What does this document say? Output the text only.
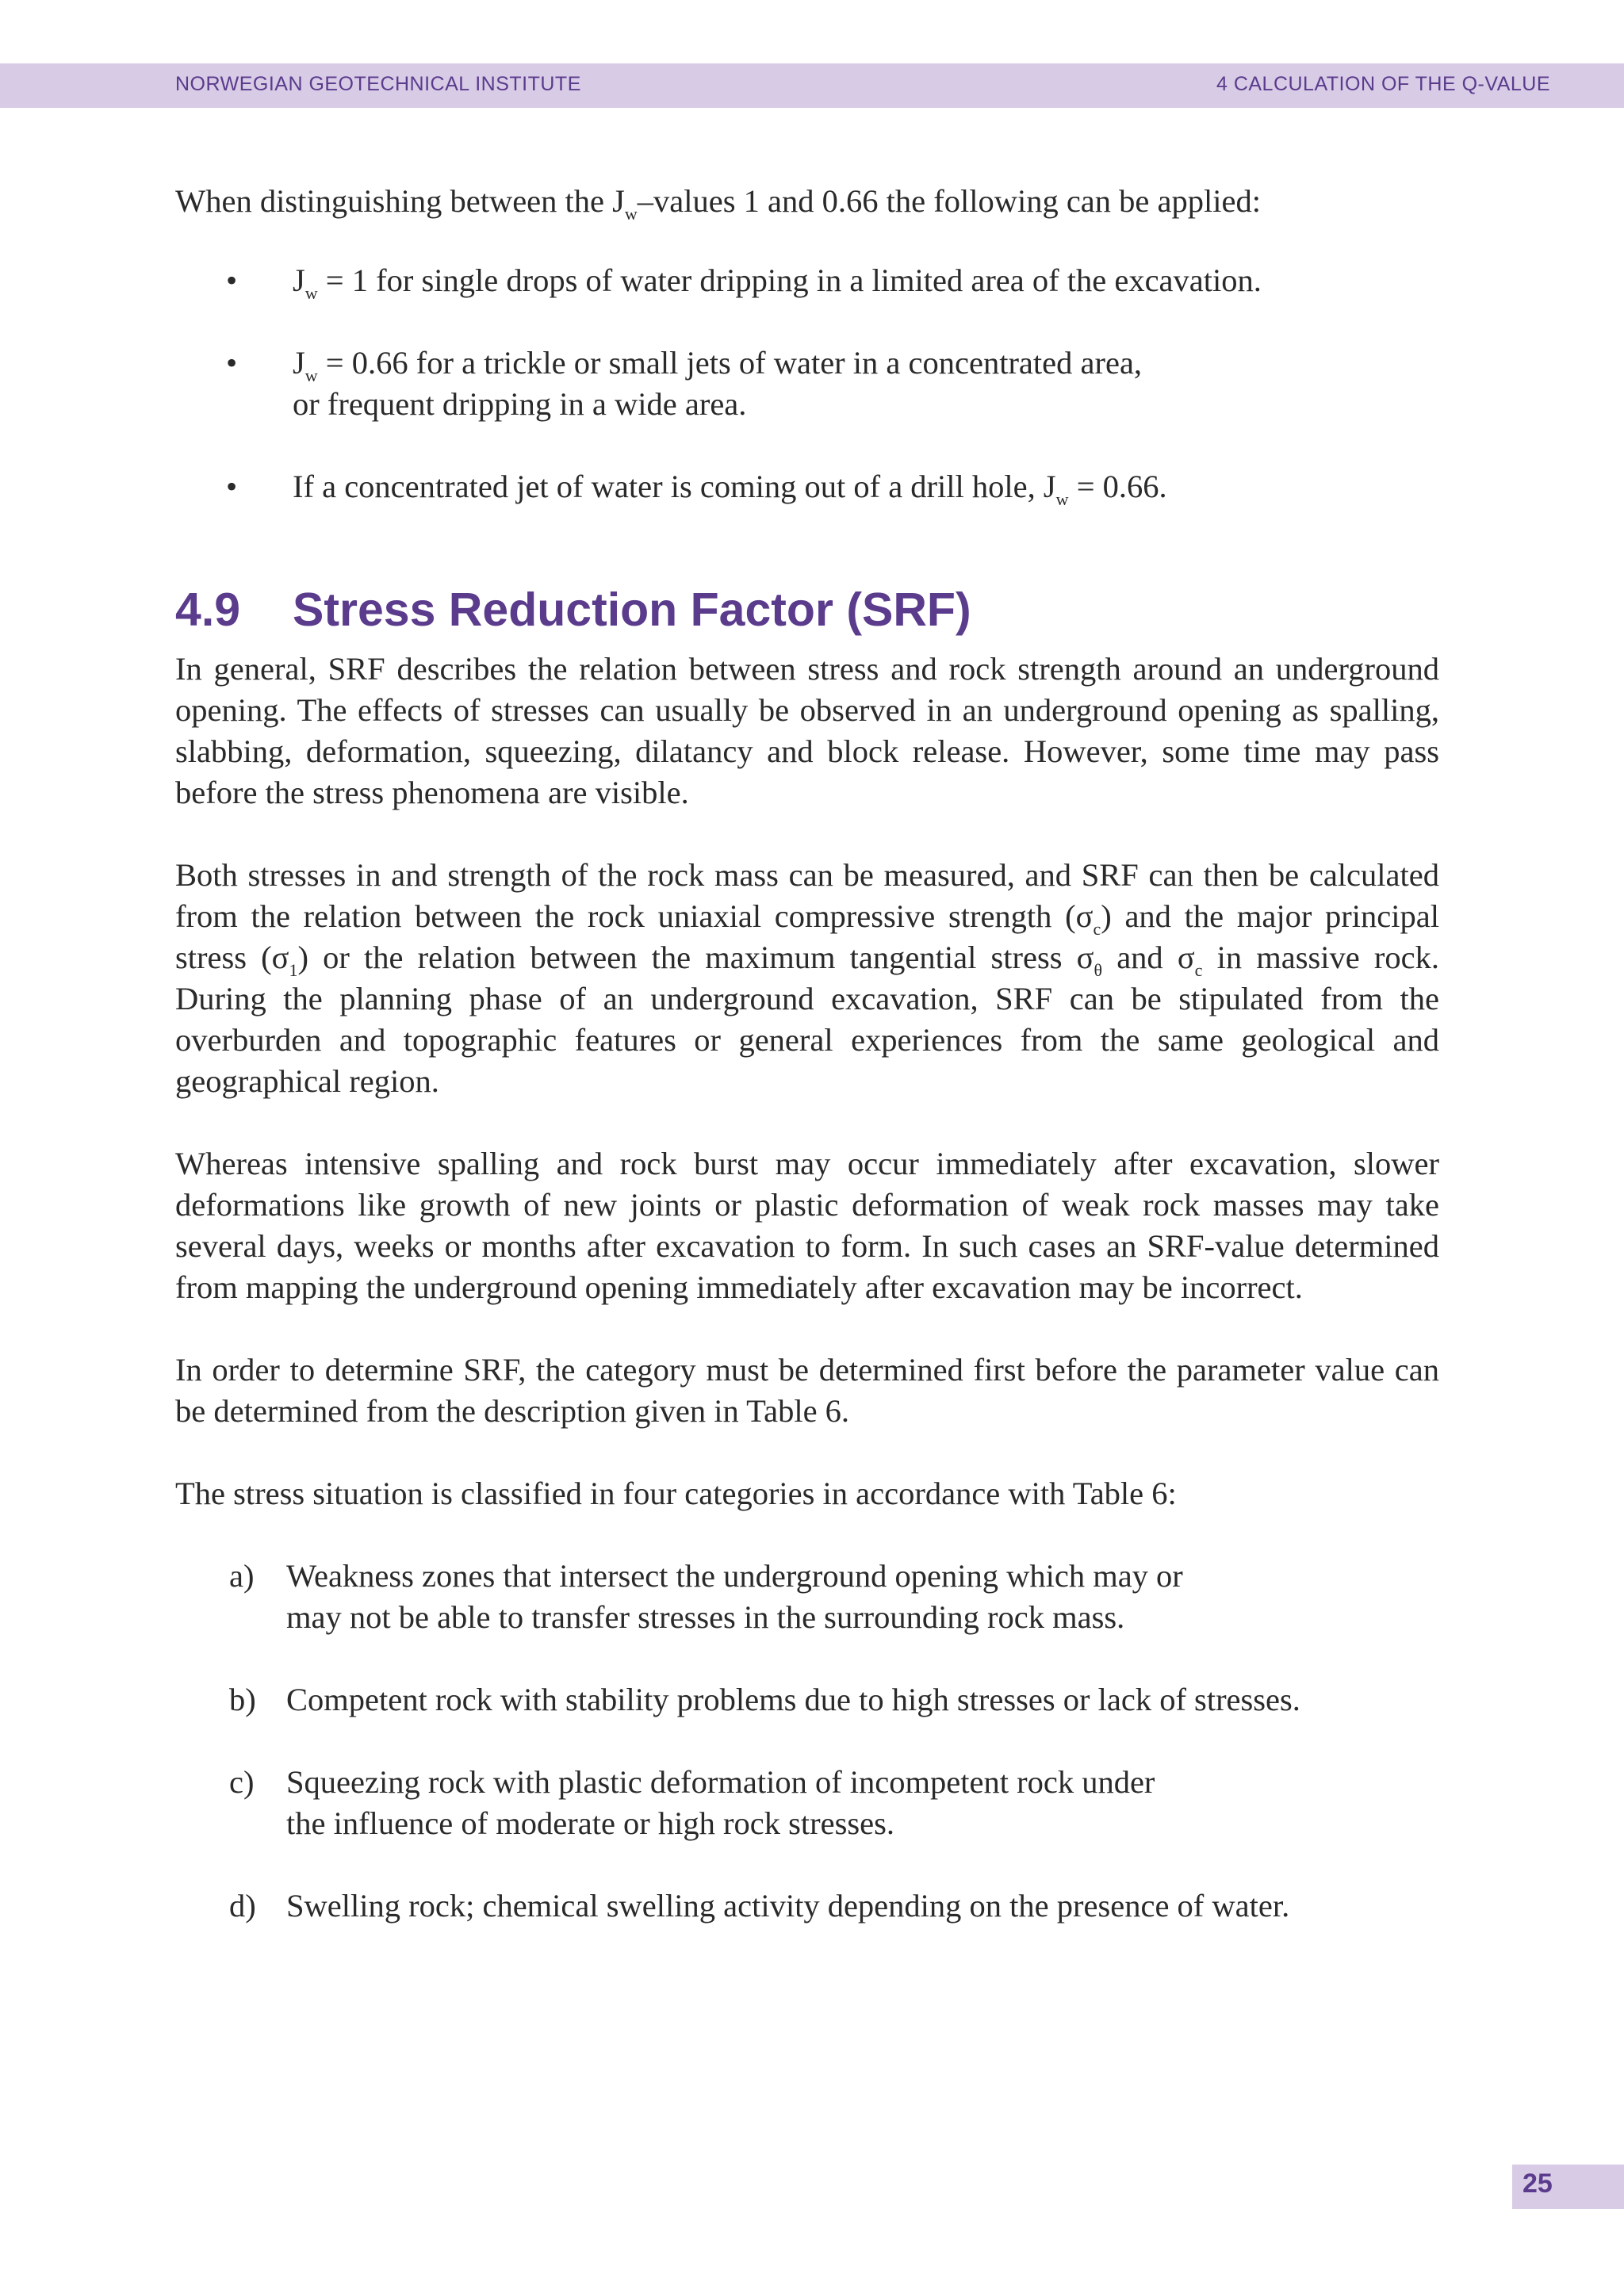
NORWEGIAN GEOTECHNICAL INSTITUTE	4 CALCULATION OF THE Q-VALUE

When distinguishing between the $J_w$–values 1 and 0.66 the following can be applied:

• $J_w = 1$ for single drops of water dripping in a limited area of the excavation.
• $J_w = 0.66$ for a trickle or small jets of water in a concentrated area,
or frequent dripping in a wide area.
• If a concentrated jet of water is coming out of a drill hole, $J_w = 0.66$.
4.9 Stress Reduction Factor (SRF)

In general, SRF describes the relation between stress and rock strength around an underground opening. The effects of stresses can usually be observed in an underground opening as spalling, slabbing, deformation, squeezing, dilatancy and block release. However, some time may pass before the stress phenomena are visible.

Both stresses in and strength of the rock mass can be measured, and SRF can then be calculated from the relation between the rock uniaxial compressive strength $(\sigma_c)$ and the major principal stress $(\sigma_1)$ or the relation between the maximum tangential stress $\sigma_\theta$ and $\sigma_c$ in massive rock. During the planning phase of an underground excavation, SRF can be stipulated from the overburden and topographic features or general experiences from the same geological and geographical region.

Whereas intensive spalling and rock burst may occur immediately after excavation, slower deformations like growth of new joints or plastic deformation of weak rock masses may take several days, weeks or months after excavation to form. In such cases an SRF-value determined from mapping the underground opening immediately after excavation may be incorrect.

In order to determine SRF, the category must be determined first before the parameter value can be determined from the description given in Table 6.

The stress situation is classified in four categories in accordance with Table 6:

a) Weakness zones that intersect the underground opening which may or
may not be able to transfer stresses in the surrounding rock mass.
b) Competent rock with stability problems due to high stresses or lack of stresses.
c) Squeezing rock with plastic deformation of incompetent rock under
the influence of moderate or high rock stresses.
d) Swelling rock; chemical swelling activity depending on the presence of water.
25
